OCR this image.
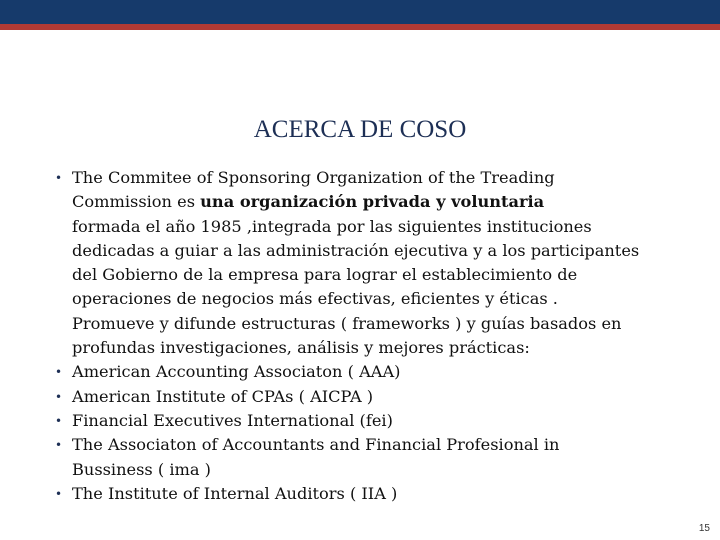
ACERCA DE COSO
• The Commitee of Sponsoring Organization of the Treading
Commission es una organización privada y voluntaria
formada el año 1985 ,integrada por las siguientes instituciones
dedicadas a guiar a las administración ejecutiva y a los participantes
del Gobierno de la empresa para lograr el establecimiento de
operaciones de negocios más efectivas, eficientes y éticas .
Promueve y difunde estructuras ( frameworks ) y guías basados en
profundas investigaciones, análisis y mejores prácticas:
• American Accounting Associaton ( AAA)
• American Institute of CPAs ( AICPA )
• Financial Executives International (fei)
• The Associaton of Accountants and Financial Profesional in
Bussiness ( ima )
• The Institute of Internal Auditors ( IIA )
15
